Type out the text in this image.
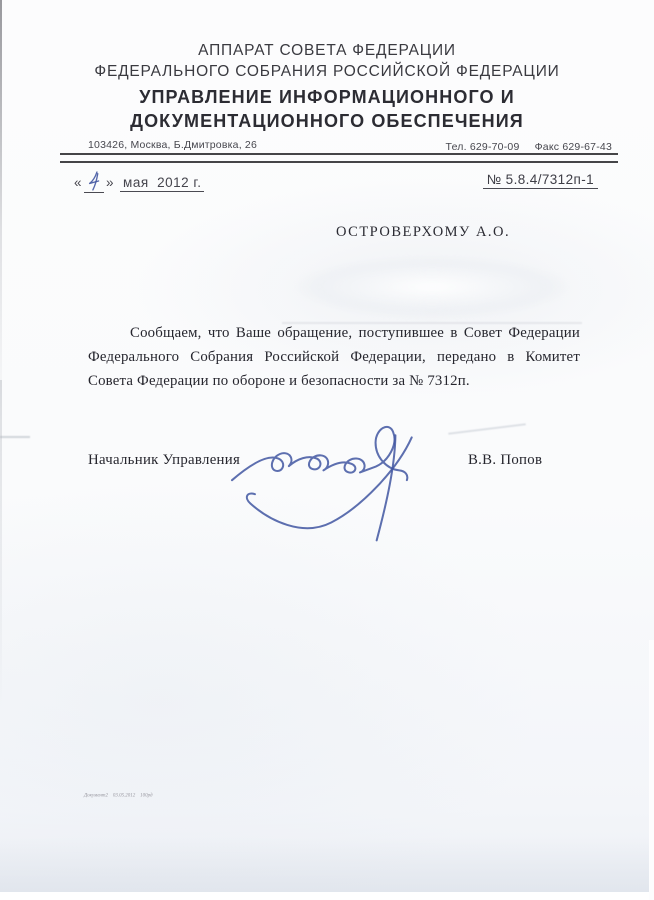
АППАРАТ СОВЕТА ФЕДЕРАЦИИ
ФЕДЕРАЛЬНОГО СОБРАНИЯ РОССИЙСКОЙ ФЕДЕРАЦИИ
УПРАВЛЕНИЕ ИНФОРМАЦИОННОГО И
ДОКУМЕНТАЦИОННОГО ОБЕСПЕЧЕНИЯ
103426, Москва, Б.Дмитровка, 26	Тел. 629-70-09 Факс 629-67-43
« » мая  2012 г.	№ 5.8.4/7312п-1
ОСТРОВЕРХОМУ А.О.
Сообщаем, что Ваше обращение, поступившее в Совет Федерации Федерального Собрания Российской Федерации, передано в Комитет Совета Федерации по обороне и безопасности за № 7312п.
Начальник Управления	В.В. Попов
Документ2    03.05.2012    100рд
